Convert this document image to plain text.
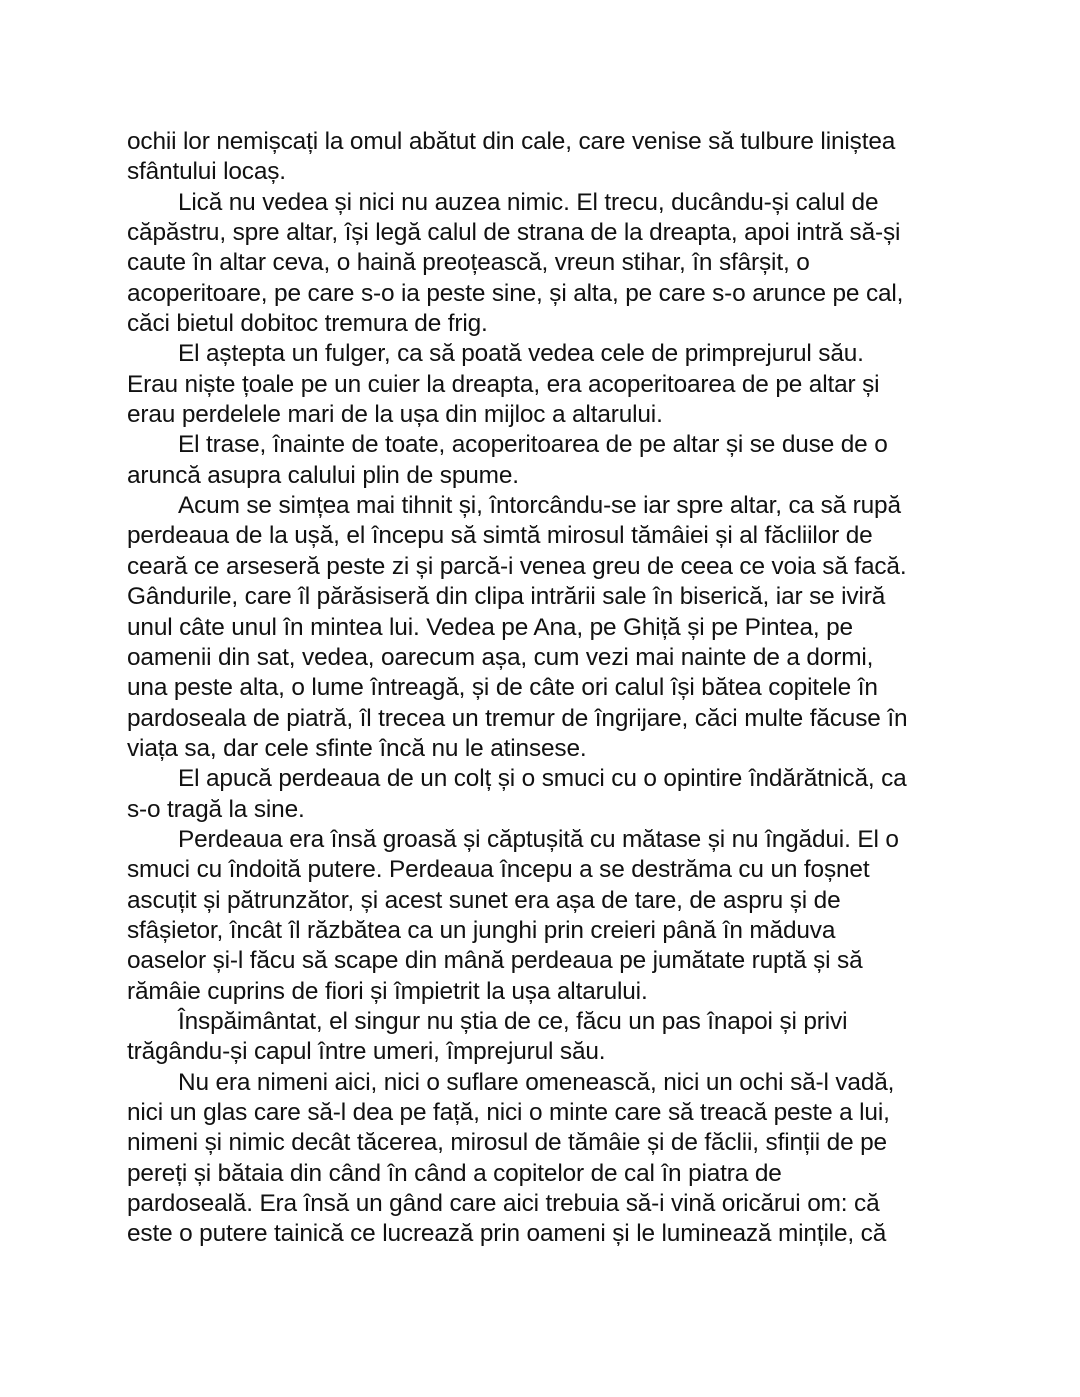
ochii lor nemișcați la omul abătut din cale, care venise să tulbure liniștea
sfântului locaș.
Lică nu vedea și nici nu auzea nimic. El trecu, ducându-și calul de
căpăstru, spre altar, își legă calul de strana de la dreapta, apoi intră să-și
caute în altar ceva, o haină preoțească, vreun stihar, în sfârșit, o
acoperitoare, pe care s-o ia peste sine, și alta, pe care s-o arunce pe cal,
căci bietul dobitoc tremura de frig.
El aștepta un fulger, ca să poată vedea cele de primprejurul său.
Erau niște țoale pe un cuier la dreapta, era acoperitoarea de pe altar și
erau perdelele mari de la ușa din mijloc a altarului.
El trase, înainte de toate, acoperitoarea de pe altar și se duse de o
aruncă asupra calului plin de spume.
Acum se simțea mai tihnit și, întorcându-se iar spre altar, ca să rupă
perdeaua de la ușă, el începu să simtă mirosul tămâiei și al făcliilor de
ceară ce arseseră peste zi și parcă-i venea greu de ceea ce voia să facă.
Gândurile, care îl părăsiseră din clipa intrării sale în biserică, iar se iviră
unul câte unul în mintea lui. Vedea pe Ana, pe Ghiță și pe Pintea, pe
oamenii din sat, vedea, oarecum așa, cum vezi mai nainte de a dormi,
una peste alta, o lume întreagă, și de câte ori calul își bătea copitele în
pardoseala de piatră, îl trecea un tremur de îngrijare, căci multe făcuse în
viața sa, dar cele sfinte încă nu le atinsese.
El apucă perdeaua de un colț și o smuci cu o opintire îndărătnică, ca
s-o tragă la sine.
Perdeaua era însă groasă și căptușită cu mătase și nu îngădui. El o
smuci cu îndoită putere. Perdeaua începu a se destrăma cu un foșnet
ascuțit și pătrunzător, și acest sunet era așa de tare, de aspru și de
sfâșietor, încât îl răzbătea ca un junghi prin creieri până în măduva
oaselor și-l făcu să scape din mână perdeaua pe jumătate ruptă și să
rămâie cuprins de fiori și împietrit la ușa altarului.
Înspăimântat, el singur nu știa de ce, făcu un pas înapoi și privi
trăgându-și capul între umeri, împrejurul său.
Nu era nimeni aici, nici o suflare omenească, nici un ochi să-l vadă,
nici un glas care să-l dea pe față, nici o minte care să treacă peste a lui,
nimeni și nimic decât tăcerea, mirosul de tămâie și de făclii, sfinții de pe
pereți și bătaia din când în când a copitelor de cal în piatra de
pardoseală. Era însă un gând care aici trebuia să-i vină oricărui om: că
este o putere tainică ce lucrează prin oameni și le luminează mințile, că
